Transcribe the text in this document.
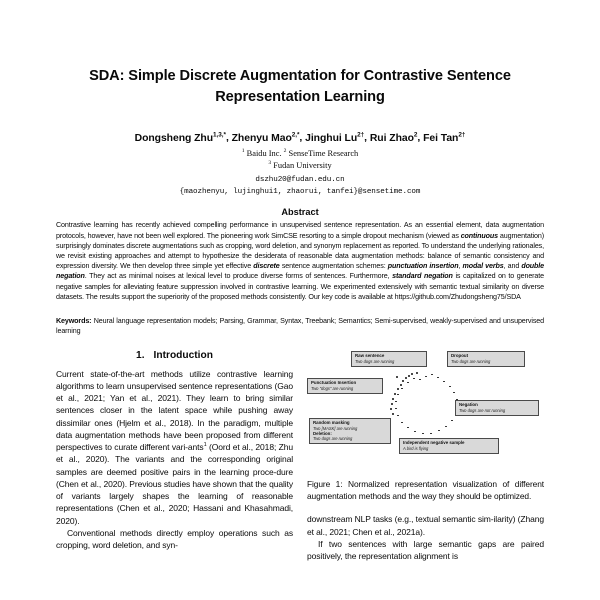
SDA: Simple Discrete Augmentation for Contrastive Sentence Representation Learning
Dongsheng Zhu$^{1,3,*}$, Zhenyu Mao$^{2,*}$, Jinghui $Lu^{2\dagger}$, Rui Zhao$^2$, Fei Tan$^{2\dagger}$
$^1$ Baidu Inc. $^2$ SenseTime Research
$^3$ Fudan University
dszhu20@fudan.edu.cn
{maozhenyu, lujinghui1, zhaorui, tanfei}@sensetime.com
Abstract
Contrastive learning has recently achieved compelling performance in unsupervised sentence representation. As an essential element, data augmentation protocols, however, have not been well explored. The pioneering work SimCSE resorting to a simple dropout mechanism (viewed as continuous augmentation) surprisingly dominates discrete augmentations such as cropping, word deletion, and synonym replacement as reported. To understand the underlying rationales, we revisit existing approaches and attempt to hypothesize the desiderata of reasonable data augmentation methods: balance of semantic consistency and expression diversity. We then develop three simple yet effective discrete sentence augmentation schemes: punctuation insertion, modal verbs, and double negation. They act as minimal noises at lexical level to produce diverse forms of sentences. Furthermore, standard negation is capitalized on to generate negative samples for alleviating feature suppression involved in contrastive learning. We experimented extensively with semantic textual similarity on diverse datasets. The results support the superiority of the proposed methods consistently. Our key code is available at https://github.com/Zhudongsheng75/SDA
Keywords: Neural language representation models; Parsing, Grammar, Syntax, Treebank; Semantics; Semi-supervised, weakly-supervised and unsupervised learning
1. Introduction
Current state-of-the-art methods utilize contrastive learning algorithms to learn unsupervised sentence representations (Gao et al., 2021; Yan et al., 2021). They learn to bring similar sentences closer in the latent space while pushing away dissimilar ones (Hjelm et al., 2018). In the paradigm, multiple data augmentation methods have been proposed from different perspectives to curate different vari-ants$^1$ (Oord et al., 2018; Zhu et al., 2020). The variants and the corresponding original samples are deemed positive pairs in the learning proce-dure (Chen et al., 2020). Previous studies have shown that the quality of variants largely shapes the learning of reasonable representations (Chen et al., 2020; Hassani and Khasahmadi, 2020).
Conventional methods directly employ operations such as cropping, word deletion, and syn-
Raw sentence
Two dogs are running
Dropout
Two dogs are running
Punctuation Insertion
Two "dogs" are running
Negation
Two dogs are not running
Random masking
Two [MASK] are running
Deletion:
Two dogs are running
Independent negative sample
A bird is flying
Figure 1: Normalized representation visualization of different augmentation methods and the way they should be optimized.
downstream NLP tasks (e.g., textual semantic sim-ilarity) (Zhang et al., 2021; Chen et al., 2021a).
If two sentences with large semantic gaps are paired positively, the representation alignment is
